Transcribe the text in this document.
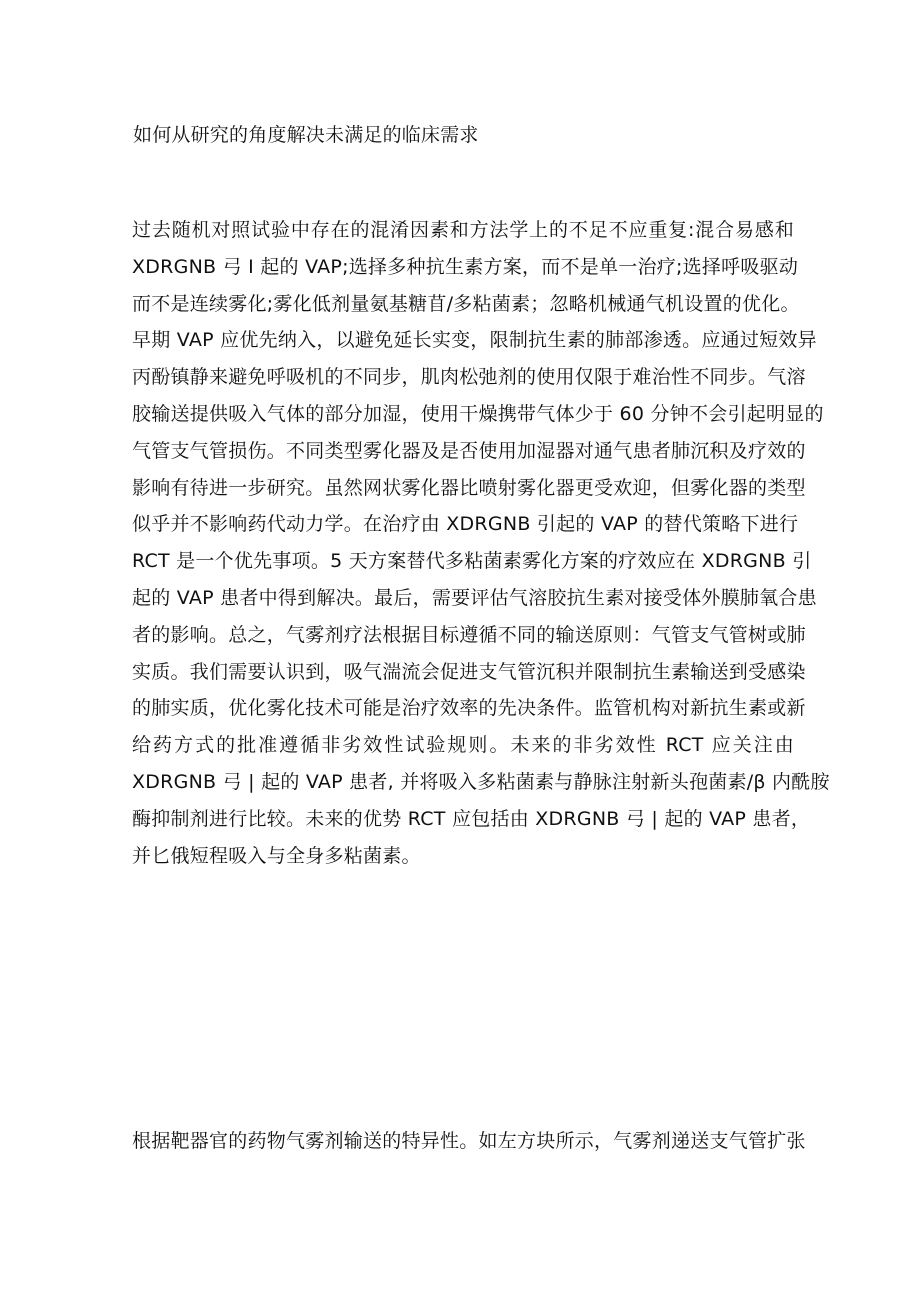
如何从研究的角度解决未满足的临床需求
过去随机对照试验中存在的混淆因素和方法学上的不足不应重复:混合易感和
XDRGNB 弓 I 起的 VAP;选择多种抗生素方案，而不是单一治疗;选择呼吸驱动
而不是连续雾化;雾化低剂量氨基糖苜/多粘菌素；忽略机械通气机设置的优化。
早期 VAP 应优先纳入，以避免延长实变，限制抗生素的肺部渗透。应通过短效异
丙酚镇静来避免呼吸机的不同步，肌肉松弛剂的使用仅限于难治性不同步。气溶
胶输送提供吸入气体的部分加湿，使用干燥携带气体少于 60 分钟不会引起明显的
气管支气管损伤。不同类型雾化器及是否使用加湿器对通气患者肺沉积及疗效的
影响有待进一步研究。虽然网状雾化器比喷射雾化器更受欢迎，但雾化器的类型
似乎并不影响药代动力学。在治疗由 XDRGNB 引起的 VAP 的替代策略下进行
RCT 是一个优先事项。5 天方案替代多粘菌素雾化方案的疗效应在 XDRGNB 引
起的 VAP 患者中得到解决。最后，需要评估气溶胶抗生素对接受体外膜肺氧合患
者的影响。总之，气雾剂疗法根据目标遵循不同的输送原则：气管支气管树或肺
实质。我们需要认识到，吸气湍流会促进支气管沉积并限制抗生素输送到受感染
的肺实质，优化雾化技术可能是治疗效率的先决条件。监管机构对新抗生素或新
给药方式的批准遵循非劣效性试验规则。未来的非劣效性 RCT 应关注由
XDRGNB 弓 | 起的 VAP 患者, 并将吸入多粘菌素与静脉注射新头孢菌素/β 内酰胺
酶抑制剂进行比较。未来的优势 RCT 应包括由 XDRGNB 弓 | 起的 VAP 患者，
并匕俄短程吸入与全身多粘菌素。
根据靶器官的药物气雾剂输送的特异性。如左方块所示，气雾剂递送支气管扩张
